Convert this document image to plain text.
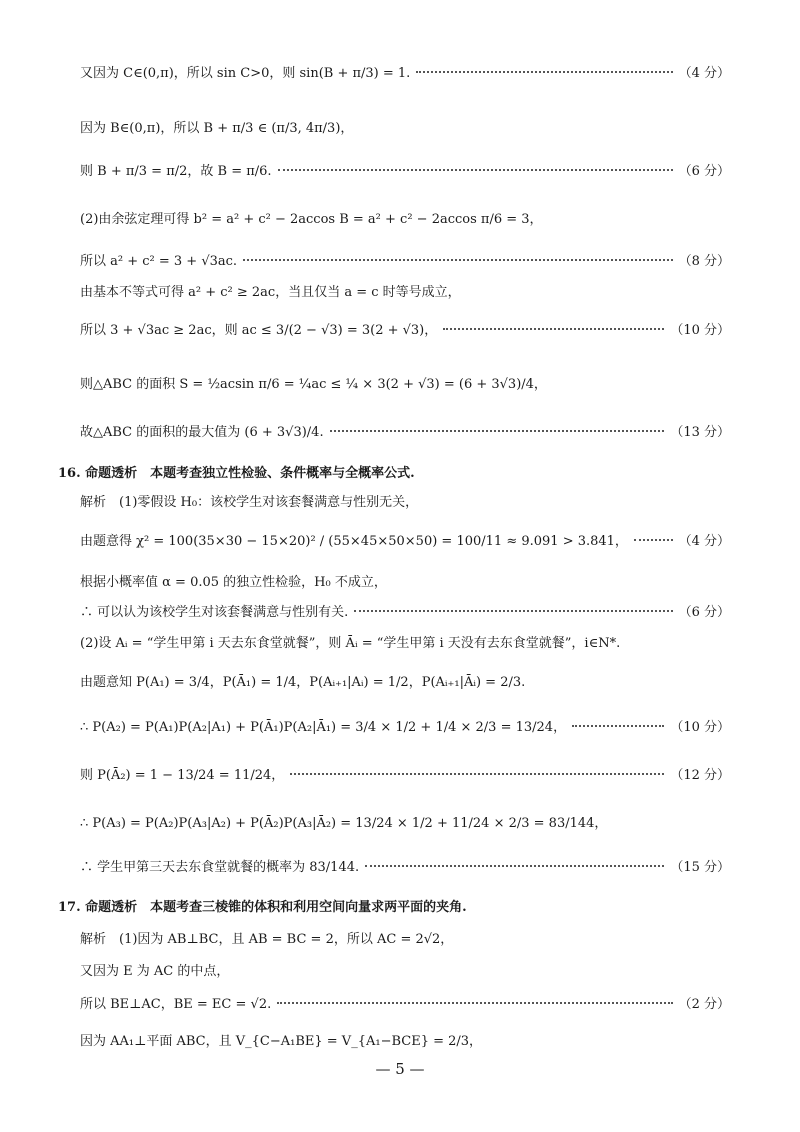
又因为 C∈(0,π)，所以 sin C>0，则 sin(B + π/3) = 1.	（4 分）
因为 B∈(0,π)，所以 B + π/3 ∈ (π/3, 4π/3)，
则 B + π/3 = π/2，故 B = π/6.	（6 分）
(2)由余弦定理可得 b² = a² + c² − 2accos B = a² + c² − 2accos π/6 = 3，
所以 a² + c² = 3 + √3ac.	（8 分）
由基本不等式可得 a² + c² ≥ 2ac，当且仅当 a = c 时等号成立，
所以 3 + √3ac ≥ 2ac，则 ac ≤ 3/(2 − √3) = 3(2 + √3)，	（10 分）
则△ABC 的面积 S = ½acsin π/6 = ¼ac ≤ ¼ × 3(2 + √3) = (6 + 3√3)/4，
故△ABC 的面积的最大值为 (6 + 3√3)/4.	（13 分）
16. 命题透析　本题考查独立性检验、条件概率与全概率公式.
解析　(1)零假设 H₀：该校学生对该套餐满意与性别无关，
由题意得 χ² = 100(35×30 − 15×20)² / (55×45×50×50) = 100/11 ≈ 9.091 > 3.841，	（4 分）
根据小概率值 α = 0.05 的独立性检验，H₀ 不成立，
∴ 可以认为该校学生对该套餐满意与性别有关.	（6 分）
(2)设 Aᵢ = “学生甲第 i 天去东食堂就餐”，则 Āᵢ = “学生甲第 i 天没有去东食堂就餐”，i∈N*.
由题意知 P(A₁) = 3/4，P(Ā₁) = 1/4，P(Aᵢ₊₁|Aᵢ) = 1/2，P(Aᵢ₊₁|Āᵢ) = 2/3.
∴ P(A₂) = P(A₁)P(A₂|A₁) + P(Ā₁)P(A₂|Ā₁) = 3/4 × 1/2 + 1/4 × 2/3 = 13/24，	（10 分）
则 P(Ā₂) = 1 − 13/24 = 11/24，	（12 分）
∴ P(A₃) = P(A₂)P(A₃|A₂) + P(Ā₂)P(A₃|Ā₂) = 13/24 × 1/2 + 11/24 × 2/3 = 83/144，
∴ 学生甲第三天去东食堂就餐的概率为 83/144.	（15 分）
17. 命题透析　本题考查三棱锥的体积和利用空间向量求两平面的夹角.
解析　(1)因为 AB⊥BC，且 AB = BC = 2，所以 AC = 2√2，
又因为 E 为 AC 的中点，
所以 BE⊥AC，BE = EC = √2.	（2 分）
因为 AA₁⊥平面 ABC，且 V_{C−A₁BE} = V_{A₁−BCE} = 2/3，
— 5 —
